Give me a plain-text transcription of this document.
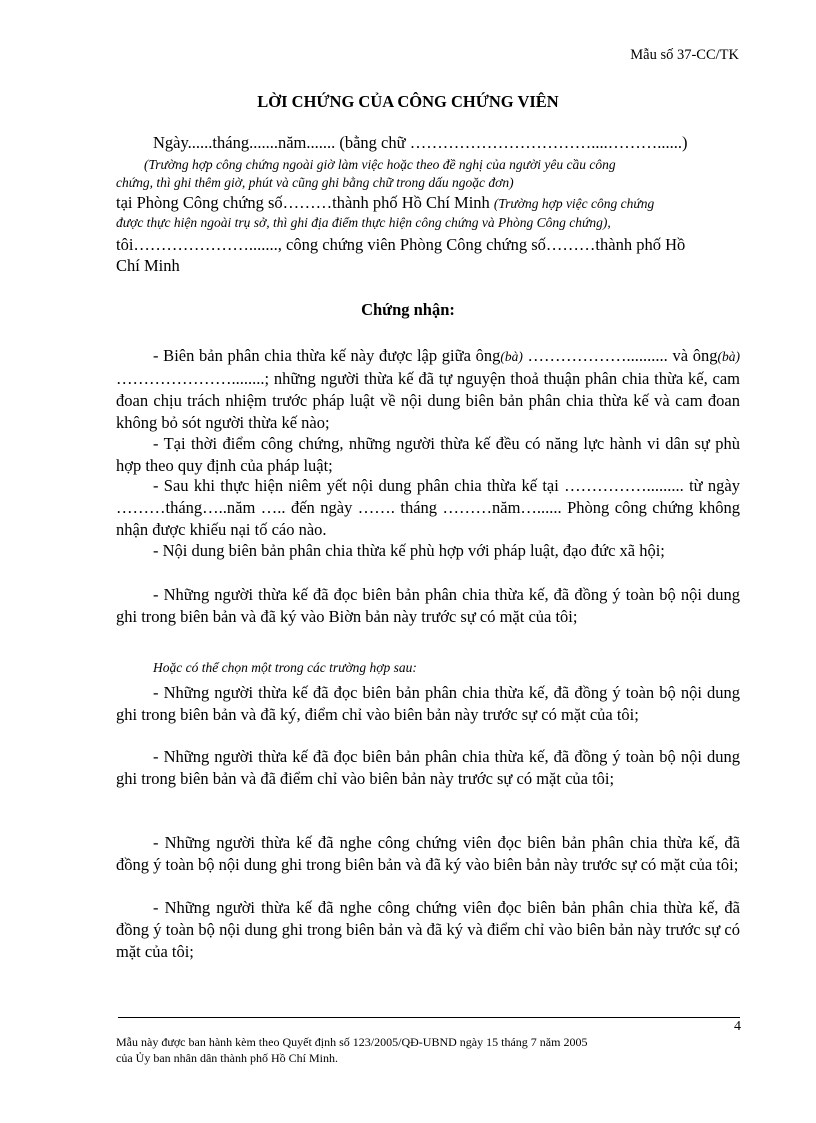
Mẫu số 37-CC/TK
LỜI CHỨNG CỦA CÔNG CHỨNG VIÊN
Ngày......tháng.......năm....... (bằng chữ ……………………………....………......)
(Trường hợp công chứng ngoài giờ làm việc hoặc theo đề nghị của người yêu cầu công
chứng, thì ghi thêm giờ, phút và cũng ghi bằng chữ trong dấu ngoặc đơn)
tại Phòng Công chứng số………thành phố Hồ Chí Minh (Trường hợp việc công chứng
được thực hiện ngoài trụ sở, thì ghi địa điểm thực hiện công chứng và Phòng Công chứng),
tôi…………………......., công chứng viên Phòng Công chứng số………thành phố Hồ
Chí Minh
Chứng nhận:

- Biên bản phân chia thừa kế này được lập giữa ông(bà) ……………….......... và ông(bà) …………………........; những người thừa kế đã tự nguyện thoả thuận phân chia thừa kế, cam đoan chịu trách nhiệm trước pháp luật về nội dung biên bản phân chia thừa kế và cam đoan không bỏ sót người thừa kế nào;

- Tại thời điểm công chứng, những người thừa kế đều có năng lực hành vi dân sự phù hợp theo quy định của pháp luật;

- Sau khi thực hiện niêm yết nội dung phân chia thừa kế tại ……………......... từ ngày ………tháng…..năm ….. đến ngày ……. tháng ………năm…...... Phòng công chứng không nhận được khiếu nại tố cáo nào.

- Nội dung biên bản phân chia thừa kế phù hợp với pháp luật, đạo đức xã hội;

- Những người thừa kế đã đọc biên bản phân chia thừa kế, đã đồng ý toàn bộ nội dung ghi trong biên bản và đã ký vào Biờn bản này trước sự có mặt của tôi;

Hoặc có thể chọn một trong các trường hợp sau:

- Những người thừa kế đã đọc biên bản phân chia thừa kế, đã đồng ý toàn bộ nội dung ghi trong biên bản và đã ký, điểm chỉ vào biên bản này trước sự có mặt của tôi;

- Những người thừa kế đã đọc biên bản phân chia thừa kế, đã đồng ý toàn bộ nội dung ghi trong biên bản và đã điểm chỉ vào biên bản này trước sự có mặt của tôi;

- Những người thừa kế đã nghe công chứng viên đọc biên bản phân chia thừa kế, đã đồng ý toàn bộ nội dung ghi trong biên bản và đã ký vào biên bản này trước sự có mặt của tôi;

- Những người thừa kế đã nghe công chứng viên đọc biên bản phân chia thừa kế, đã đồng ý toàn bộ nội dung ghi trong biên bản và đã ký và điểm chỉ vào biên bản này trước sự có mặt của tôi;

4
Mẫu này được ban hành kèm theo Quyết định số 123/2005/QĐ-UBND ngày 15 tháng 7 năm 2005
của Ủy ban nhân dân thành phố Hồ Chí Minh.
